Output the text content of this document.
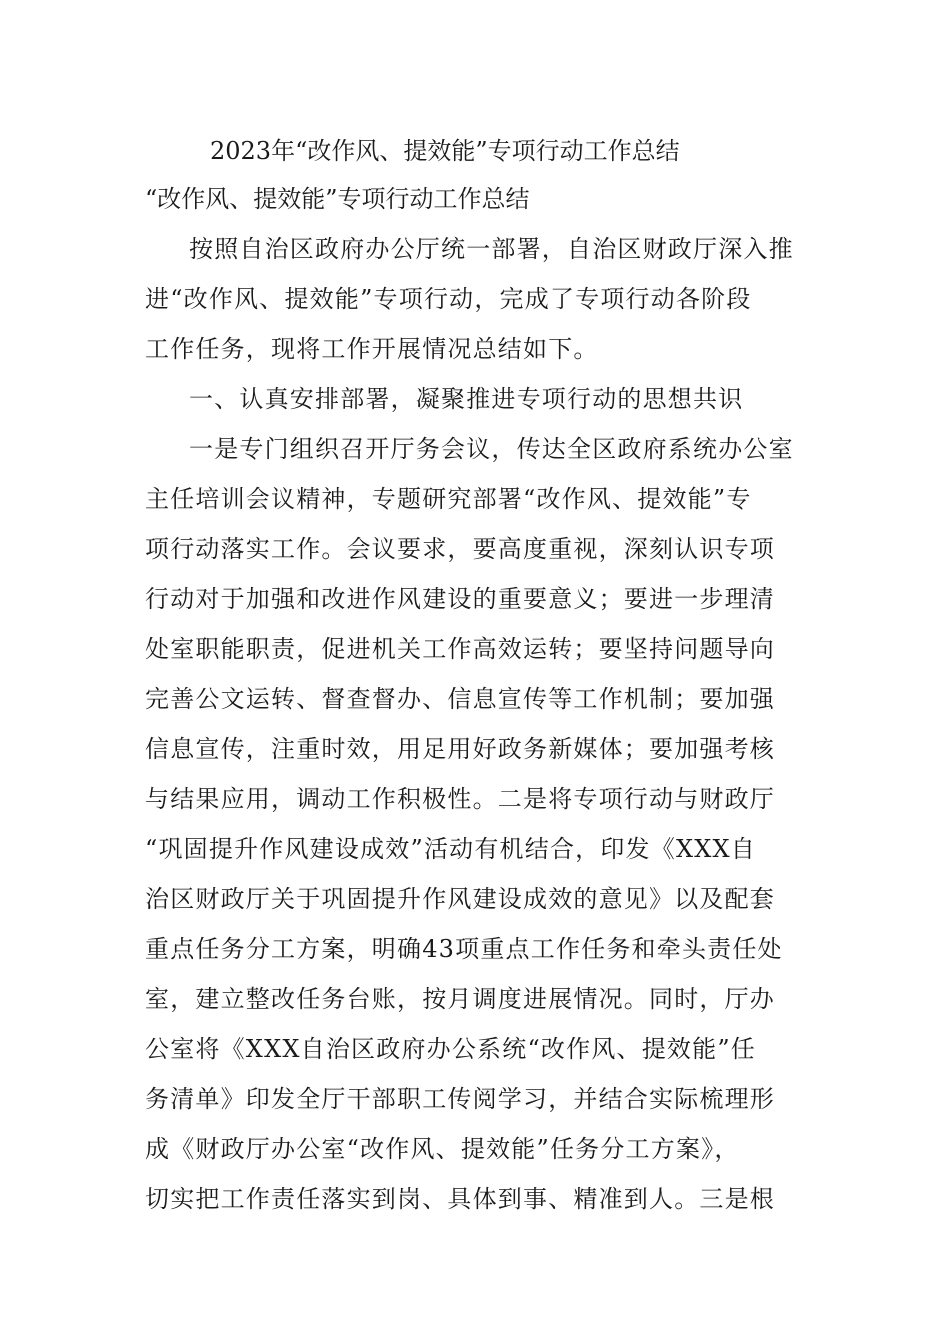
2023年“改作风、提效能”专项行动工作总结
“改作风、提效能”专项行动工作总结
按照自治区政府办公厅统一部署，自治区财政厅深入推
进“改作风、提效能”专项行动，完成了专项行动各阶段
工作任务，现将工作开展情况总结如下。
一、认真安排部署，凝聚推进专项行动的思想共识
一是专门组织召开厅务会议，传达全区政府系统办公室
主任培训会议精神，专题研究部署“改作风、提效能”专
项行动落实工作。会议要求，要高度重视，深刻认识专项
行动对于加强和改进作风建设的重要意义；要进一步理清
处室职能职责，促进机关工作高效运转；要坚持问题导向
完善公文运转、督查督办、信息宣传等工作机制；要加强
信息宣传，注重时效，用足用好政务新媒体；要加强考核
与结果应用，调动工作积极性。二是将专项行动与财政厅
“巩固提升作风建设成效”活动有机结合，印发《XXX自
治区财政厅关于巩固提升作风建设成效的意见》以及配套
重点任务分工方案，明确43项重点工作任务和牵头责任处
室，建立整改任务台账，按月调度进展情况。同时，厅办
公室将《XXX自治区政府办公系统“改作风、提效能”任
务清单》印发全厅干部职工传阅学习，并结合实际梳理形
成《财政厅办公室“改作风、提效能”任务分工方案》，
切实把工作责任落实到岗、具体到事、精准到人。三是根
